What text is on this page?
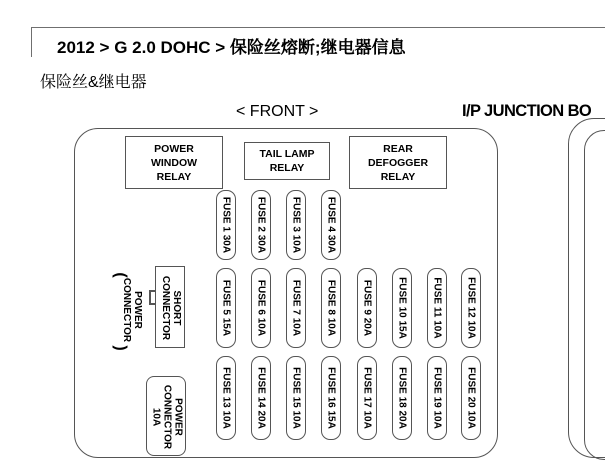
2012 > G 2.0 DOHC > 保险丝熔断;继电器信息
保险丝&继电器
< FRONT >	I/P JUNCTION BO
POWER
WINDOW
RELAY
TAIL LAMP
RELAY
REAR
DEFOGGER
RELAY
(
POWER
CONNECTOR
)
SHORT
CONNECTOR
POWER
CONNECTOR
10A
FUSE 1 30A FUSE 2 30A FUSE 3 10A FUSE 4 30A
FUSE 5 15A FUSE 6 10A FUSE 7 10A FUSE 8 10A	FUSE 9 20A FUSE 10 15A FUSE 11 10A FUSE 12 10A
FUSE 13 10A FUSE 14 20A FUSE 15 10A FUSE 16 15A	FUSE 17 10A FUSE 18 20A FUSE 19 10A FUSE 20 10A
